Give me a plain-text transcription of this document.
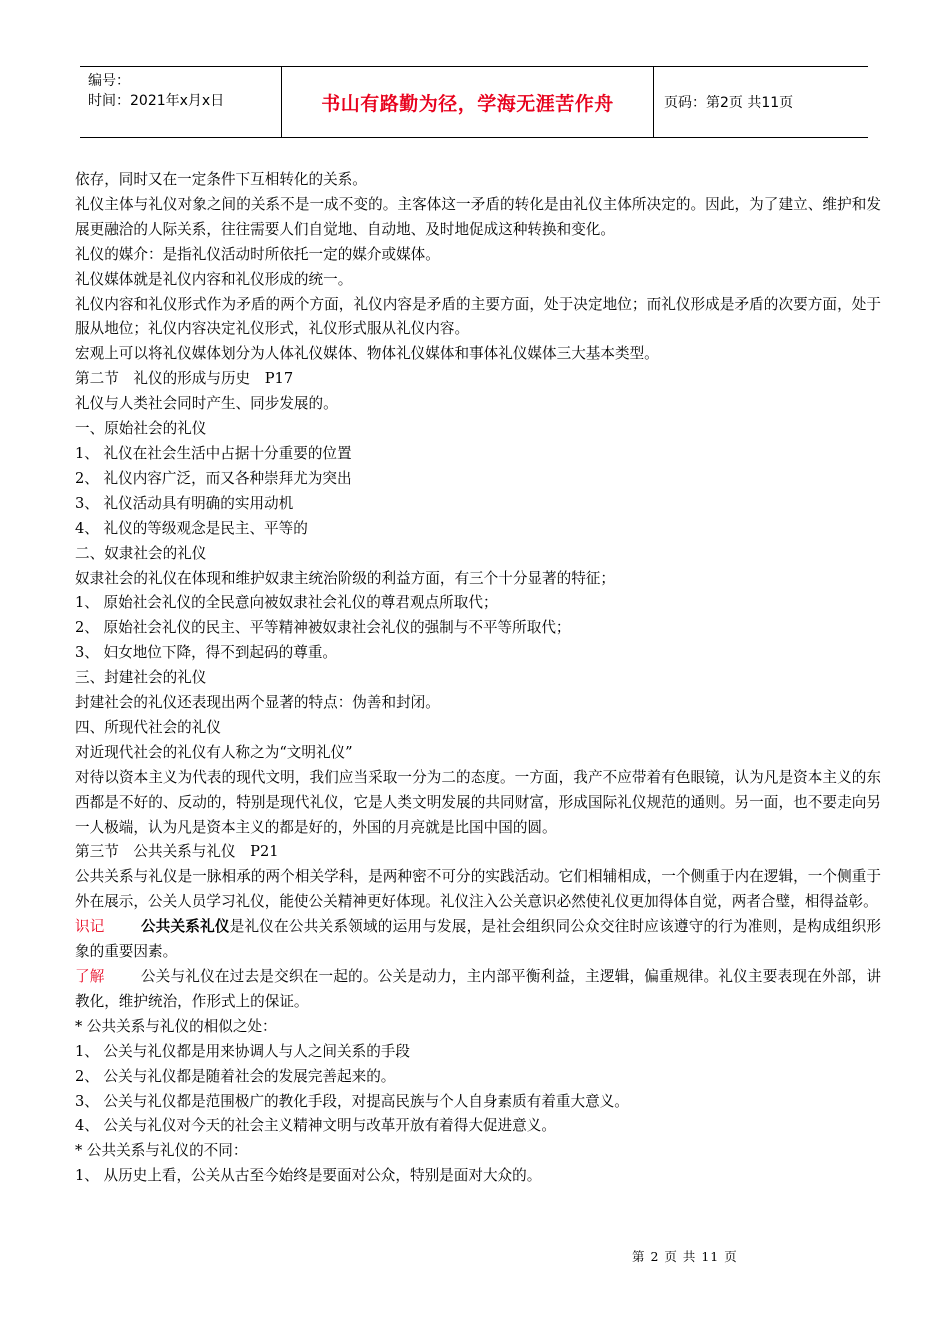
编号：
时间：2021年x月x日	书山有路勤为径，学海无涯苦作舟	页码：第2页 共11页

依存，同时又在一定条件下互相转化的关系。

礼仪主体与礼仪对象之间的关系不是一成不变的。主客体这一矛盾的转化是由礼仪主体所决定的。因此，为了建立、维护和发展更融洽的人际关系，往往需要人们自觉地、自动地、及时地促成这种转换和变化。

礼仪的媒介：是指礼仪活动时所依托一定的媒介或媒体。

礼仪媒体就是礼仪内容和礼仪形成的统一。

礼仪内容和礼仪形式作为矛盾的两个方面，礼仪内容是矛盾的主要方面，处于决定地位；而礼仪形成是矛盾的次要方面，处于服从地位；礼仪内容决定礼仪形式，礼仪形式服从礼仪内容。

宏观上可以将礼仪媒体划分为人体礼仪媒体、物体礼仪媒体和事体礼仪媒体三大基本类型。

第二节　礼仪的形成与历史　P17

礼仪与人类社会同时产生、同步发展的。

一、原始社会的礼仪

1、 礼仪在社会生活中占据十分重要的位置

2、 礼仪内容广泛，而又各种崇拜尤为突出

3、 礼仪活动具有明确的实用动机

4、 礼仪的等级观念是民主、平等的

二、奴隶社会的礼仪

奴隶社会的礼仪在体现和维护奴隶主统治阶级的利益方面，有三个十分显著的特征；

1、 原始社会礼仪的全民意向被奴隶社会礼仪的尊君观点所取代；

2、 原始社会礼仪的民主、平等精神被奴隶社会礼仪的强制与不平等所取代；

3、 妇女地位下降，得不到起码的尊重。

三、封建社会的礼仪

封建社会的礼仪还表现出两个显著的特点：伪善和封闭。

四、所现代社会的礼仪

对近现代社会的礼仪有人称之为“文明礼仪”

对待以资本主义为代表的现代文明，我们应当采取一分为二的态度。一方面，我产不应带着有色眼镜，认为凡是资本主义的东西都是不好的、反动的，特别是现代礼仪，它是人类文明发展的共同财富，形成国际礼仪规范的通则。另一面，也不要走向另一人极端，认为凡是资本主义的都是好的，外国的月亮就是比国中国的圆。

第三节　公共关系与礼仪　P21

公共关系与礼仪是一脉相承的两个相关学科，是两种密不可分的实践活动。它们相辅相成，一个侧重于内在逻辑，一个侧重于外在展示，公关人员学习礼仪，能使公关精神更好体现。礼仪注入公关意识必然使礼仪更加得体自觉，两者合璧，相得益彰。

识记 公共关系礼仪是礼仪在公共关系领域的运用与发展，是社会组织同公众交往时应该遵守的行为准则，是构成组织形象的重要因素。

了解 公关与礼仪在过去是交织在一起的。公关是动力，主内部平衡利益，主逻辑，偏重规律。礼仪主要表现在外部，讲教化，维护统治，作形式上的保证。

* 公共关系与礼仪的相似之处：

1、 公关与礼仪都是用来协调人与人之间关系的手段

2、 公关与礼仪都是随着社会的发展完善起来的。

3、 公关与礼仪都是范围极广的教化手段，对提高民族与个人自身素质有着重大意义。

4、 公关与礼仪对今天的社会主义精神文明与改革开放有着得大促进意义。

* 公共关系与礼仪的不同：

1、 从历史上看，公关从古至今始终是要面对公众，特别是面对大众的。

第 2 页 共 11 页
